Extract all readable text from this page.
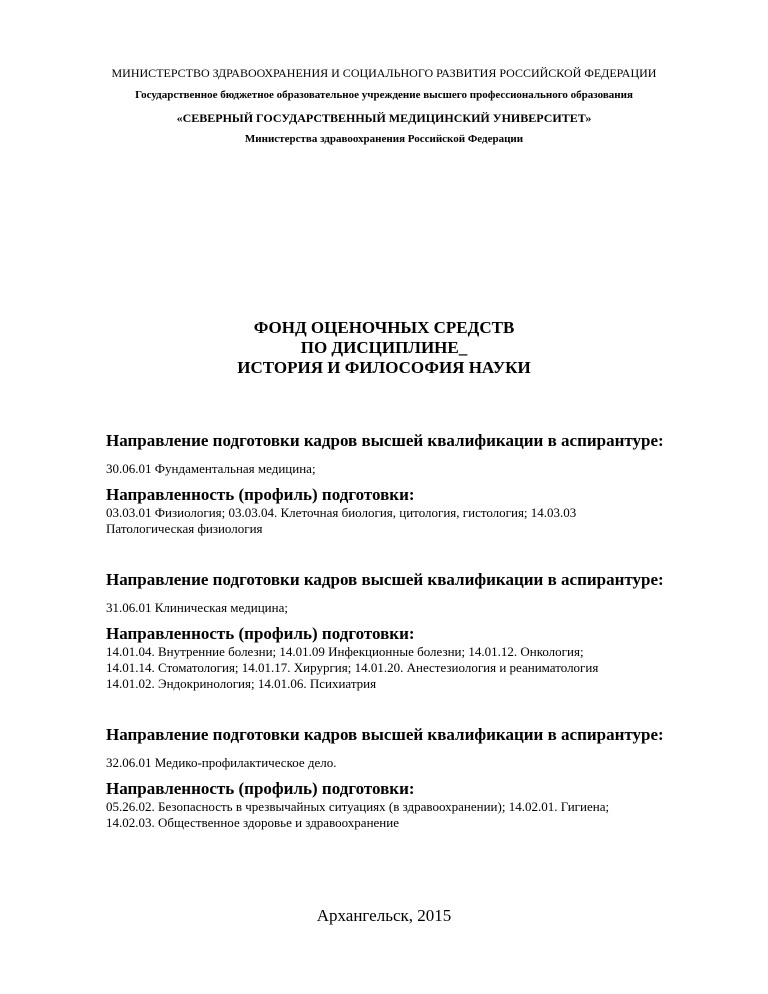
МИНИСТЕРСТВО ЗДРАВООХРАНЕНИЯ И СОЦИАЛЬНОГО РАЗВИТИЯ РОССИЙСКОЙ ФЕДЕРАЦИИ
Государственное бюджетное образовательное учреждение высшего профессионального образования
«СЕВЕРНЫЙ ГОСУДАРСТВЕННЫЙ МЕДИЦИНСКИЙ УНИВЕРСИТЕТ»
Министерства здравоохранения Российской Федерации
ФОНД ОЦЕНОЧНЫХ СРЕДСТВ
ПО ДИСЦИПЛИНЕ_
ИСТОРИЯ И ФИЛОСОФИЯ НАУКИ
Направление подготовки кадров высшей квалификации в аспирантуре:
30.06.01 Фундаментальная медицина;
Направленность (профиль) подготовки:
03.03.01 Физиология; 03.03.04. Клеточная биология, цитология, гистология; 14.03.03
Патологическая физиология
Направление подготовки кадров высшей квалификации в аспирантуре:
31.06.01 Клиническая медицина;
Направленность (профиль) подготовки:
14.01.04. Внутренние болезни; 14.01.09 Инфекционные болезни; 14.01.12. Онкология;
14.01.14. Стоматология; 14.01.17. Хирургия; 14.01.20. Анестезиология и реаниматология
14.01.02. Эндокринология; 14.01.06. Психиатрия
Направление подготовки кадров высшей квалификации в аспирантуре:
32.06.01 Медико-профилактическое дело.
Направленность (профиль) подготовки:
05.26.02. Безопасность в чрезвычайных ситуациях (в здравоохранении); 14.02.01. Гигиена;
14.02.03. Общественное здоровье и здравоохранение
Архангельск, 2015
